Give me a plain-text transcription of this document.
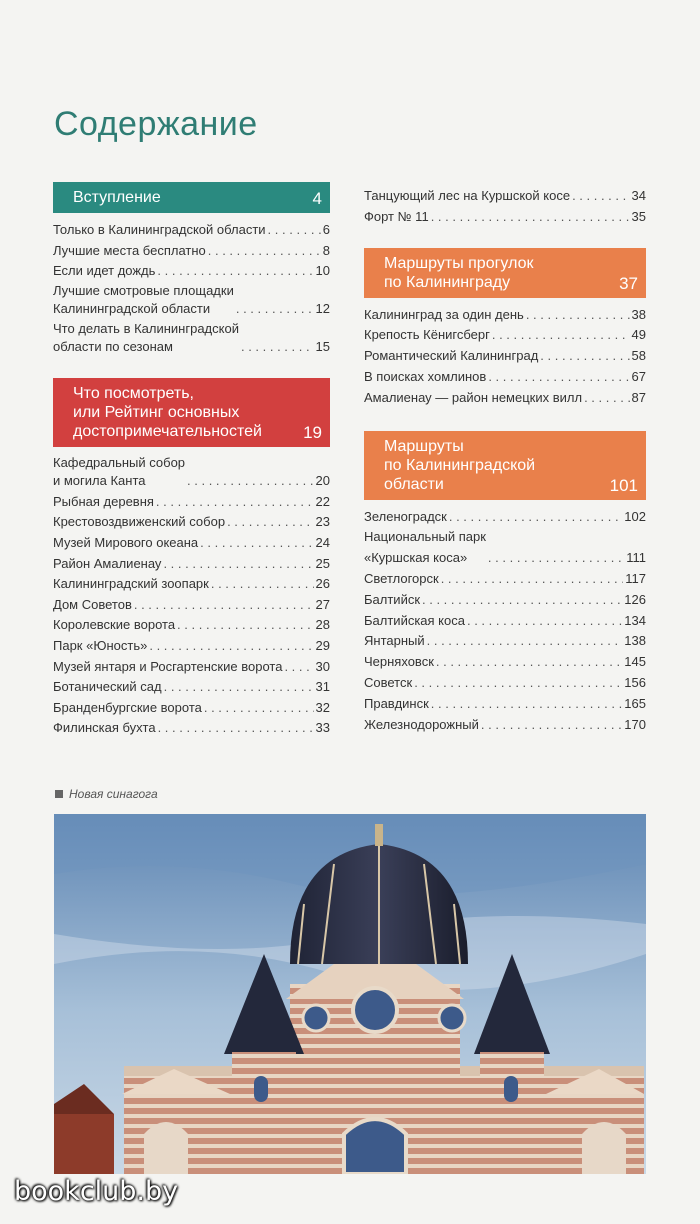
Содержание
Вступление	4
Только в Калининградской области . . .	6
Лучшие места бесплатно . . .	8
Если идет дождь . . .	10
Лучшие смотровые площадки
Калининградской области . . .	12
Что делать в Калининградской
области по сезонам . . .	15
Что посмотреть,
или Рейтинг основных
достопримечательностей	19
Кафедральный собор
и могила Канта . . .	20
Рыбная деревня . . .	22
Крестовоздвиженский собор . . .	23
Музей Мирового океана . . .	24
Район Амалиенау . . .	25
Калининградский зоопарк . . .	26
Дом Советов . . .	27
Королевские ворота . . .	28
Парк «Юность» . . .	29
Музей янтаря и Росгартенские ворота . . .	30
Ботанический сад . . .	31
Бранденбургские ворота . . .	32
Филинская бухта . . .	33
Танцующий лес на Куршской косе . . .	34
Форт № 11 . . .	35
Маршруты прогулок
по Калининграду	37
Калининград за один день . . .	38
Крепость Кёнигсберг . . .	49
Романтический Калининград . . .	58
В поисках хомлинов . . .	67
Амалиенау — район немецких вилл . . .	87
Маршруты
по Калининградской
области	101
Зеленоградск . . .	102
Национальный парк
«Куршская коса» . . .	111
Светлогорск . . .	117
Балтийск . . .	126
Балтийская коса . . .	134
Янтарный . . .	138
Черняховск . . .	145
Советск . . .	156
Правдинск . . .	165
Железнодорожный . . .	170
Новая синагога
bookclub.by
